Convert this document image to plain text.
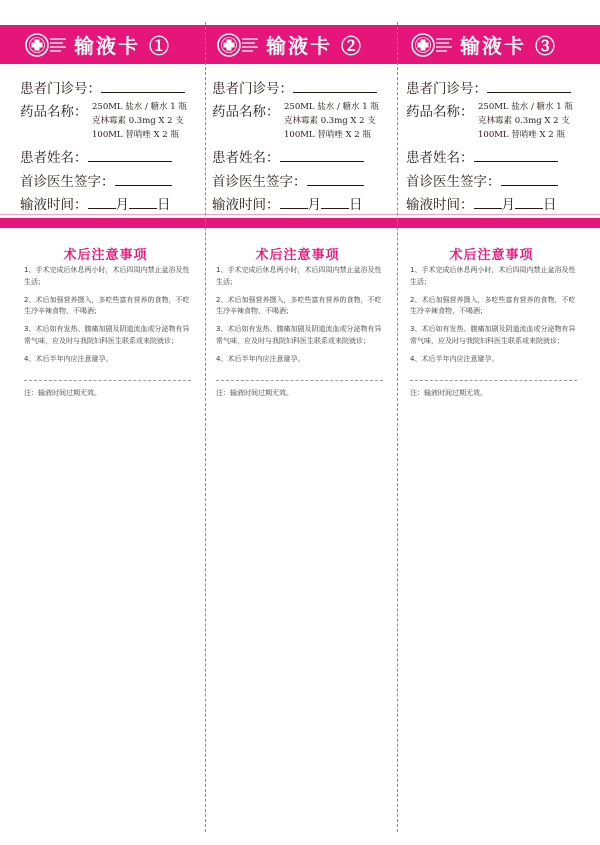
输液卡 ①
患者门诊号：
药品名称： 250ML 盐水 / 糖水 1 瓶
克林霉素 0.3mg X 2 支
100ML 替哨唑 X 2 瓶
患者姓名：
首诊医生签字：
输液时间： 月 日
术后注意事项

1、手术完成后休息两小时，术后四周内禁止盆浴及性生活；

2、术后加强营养摄入，多吃些富有营养的食物，不吃生冷辛辣食物，不喝酒；

3、术后如有发热、腹痛加剧及阴道流血或分泌物有异常气味，应及时与我院妇科医生联系或来院就诊；

4、术后半年内应注意避孕。

注：输液时间过期无效。
输液卡 ②
患者门诊号：
药品名称： 250ML 盐水 / 糖水 1 瓶
克林霉素 0.3mg X 2 支
100ML 替哨唑 X 2 瓶
患者姓名：
首诊医生签字：
输液时间： 月 日
术后注意事项

1、手术完成后休息两小时，术后四周内禁止盆浴及性生活；

2、术后加强营养摄入，多吃些富有营养的食物，不吃生冷辛辣食物，不喝酒；

3、术后如有发热、腹痛加剧及阴道流血或分泌物有异常气味，应及时与我院妇科医生联系或来院就诊；

4、术后半年内应注意避孕。

注：输液时间过期无效。
输液卡 ③
患者门诊号：
药品名称： 250ML 盐水 / 糖水 1 瓶
克林霉素 0.3mg X 2 支
100ML 替哨唑 X 2 瓶
患者姓名：
首诊医生签字：
输液时间： 月 日
术后注意事项

1、手术完成后休息两小时，术后四周内禁止盆浴及性生活；

2、术后加强营养摄入，多吃些富有营养的食物，不吃生冷辛辣食物，不喝酒；

3、术后如有发热、腹痛加剧及阴道流血或分泌物有异常气味，应及时与我院妇科医生联系或来院就诊；

4、术后半年内应注意避孕。

注：输液时间过期无效。
